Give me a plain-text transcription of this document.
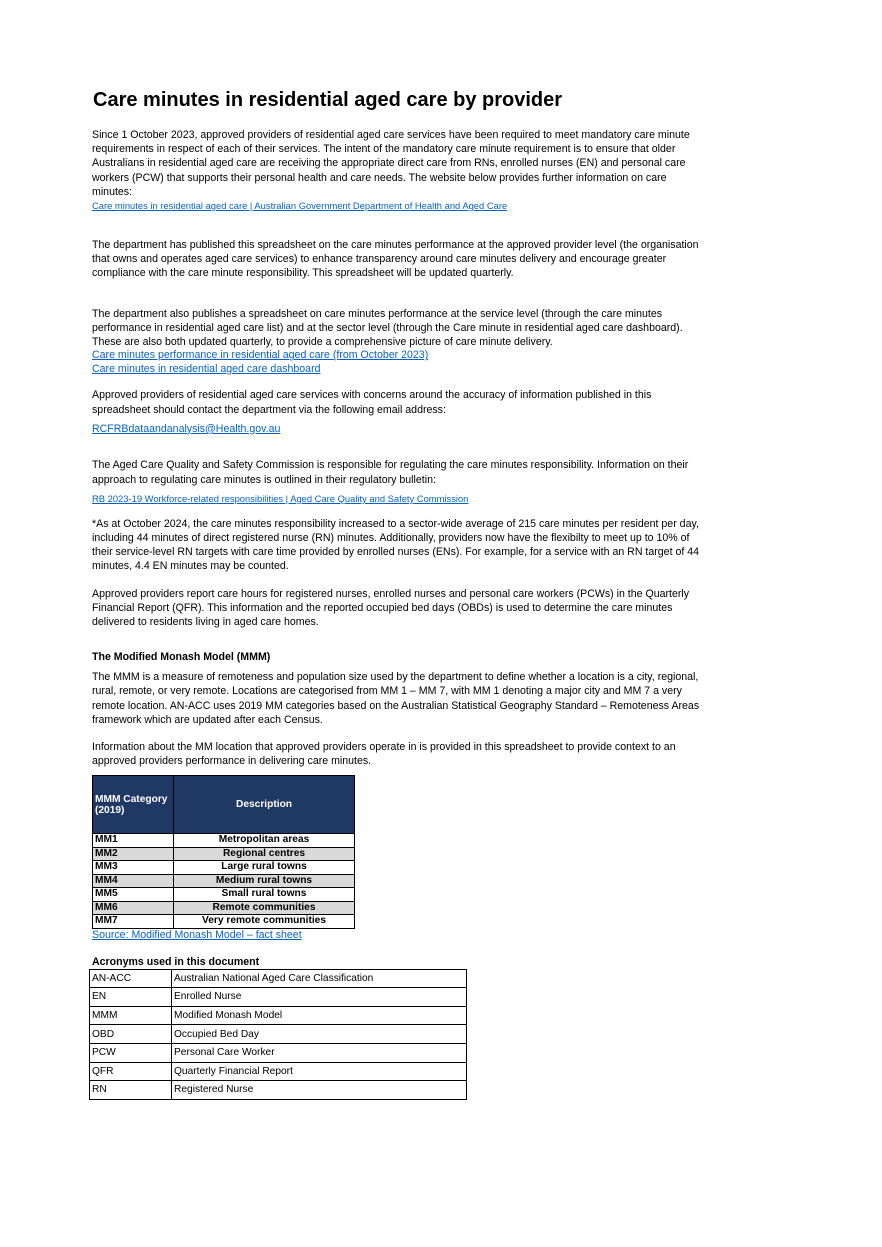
Care minutes in residential aged care by provider

Since 1 October 2023, approved providers of residential aged care services have been required to meet mandatory care minute requirements in respect of each of their services. The intent of the mandatory care minute requirement is to ensure that older Australians in residential aged care are receiving the appropriate direct care from RNs, enrolled nurses (EN) and personal care workers (PCW) that supports their personal health and care needs. The website below provides further information on care minutes:

Care minutes in residential aged care | Australian Government Department of Health and Aged Care

The department has published this spreadsheet on the care minutes performance at the approved provider level (the organisation that owns and operates aged care services) to enhance transparency around care minutes delivery and encourage greater compliance with the care minute responsibility. This spreadsheet will be updated quarterly.

The department also publishes a spreadsheet on care minutes performance at the service level (through the care minutes performance in residential aged care list) and at the sector level (through the Care minute in residential aged care dashboard). These are also both updated quarterly, to provide a comprehensive picture of care minute delivery.

Care minutes performance in residential aged care (from October 2023)
Care minutes in residential aged care dashboard

Approved providers of residential aged care services with concerns around the accuracy of information published in this spreadsheet should contact the department via the following email address:

RCFRBdataandanalysis@Health.gov.au

The Aged Care Quality and Safety Commission is responsible for regulating the care minutes responsibility. Information on their approach to regulating care minutes is outlined in their regulatory bulletin:

RB 2023-19 Workforce-related responsibilities | Aged Care Quality and Safety Commission

*As at October 2024, the care minutes responsibility increased to a sector-wide average of 215 care minutes per resident per day, including 44 minutes of direct registered nurse (RN) minutes. Additionally, providers now have the flexibilty to meet up to 10% of their service-level RN targets with care time provided by enrolled nurses (ENs). For example, for a service with an RN target of 44 minutes, 4.4 EN minutes may be counted.

Approved providers report care hours for registered nurses, enrolled nurses and personal care workers (PCWs) in the Quarterly Financial Report (QFR). This information and the reported occupied bed days (OBDs) is used to determine the care minutes delivered to residents living in aged care homes.

The Modified Monash Model (MMM)

The MMM is a measure of remoteness and population size used by the department to define whether a location is a city, regional, rural, remote, or very remote. Locations are categorised from MM 1 – MM 7, with MM 1 denoting a major city and MM 7 a very remote location. AN-ACC uses 2019 MM categories based on the Australian Statistical Geography Standard – Remoteness Areas framework which are updated after each Census.

Information about the MM location that approved providers operate in is provided in this spreadsheet to provide context to an approved providers performance in delivering care minutes.

MMM Category (2019)	Description
MM1	Metropolitan areas
MM2	Regional centres
MM3	Large rural towns
MM4	Medium rural towns
MM5	Small rural towns
MM6	Remote communities
MM7	Very remote communities
Source: Modified Monash Model – fact sheet
Acronyms used in this document
AN-ACC	Australian National Aged Care Classification
EN	Enrolled Nurse
MMM	Modified Monash Model
OBD	Occupied Bed Day
PCW	Personal Care Worker
QFR	Quarterly Financial Report
RN	Registered Nurse
